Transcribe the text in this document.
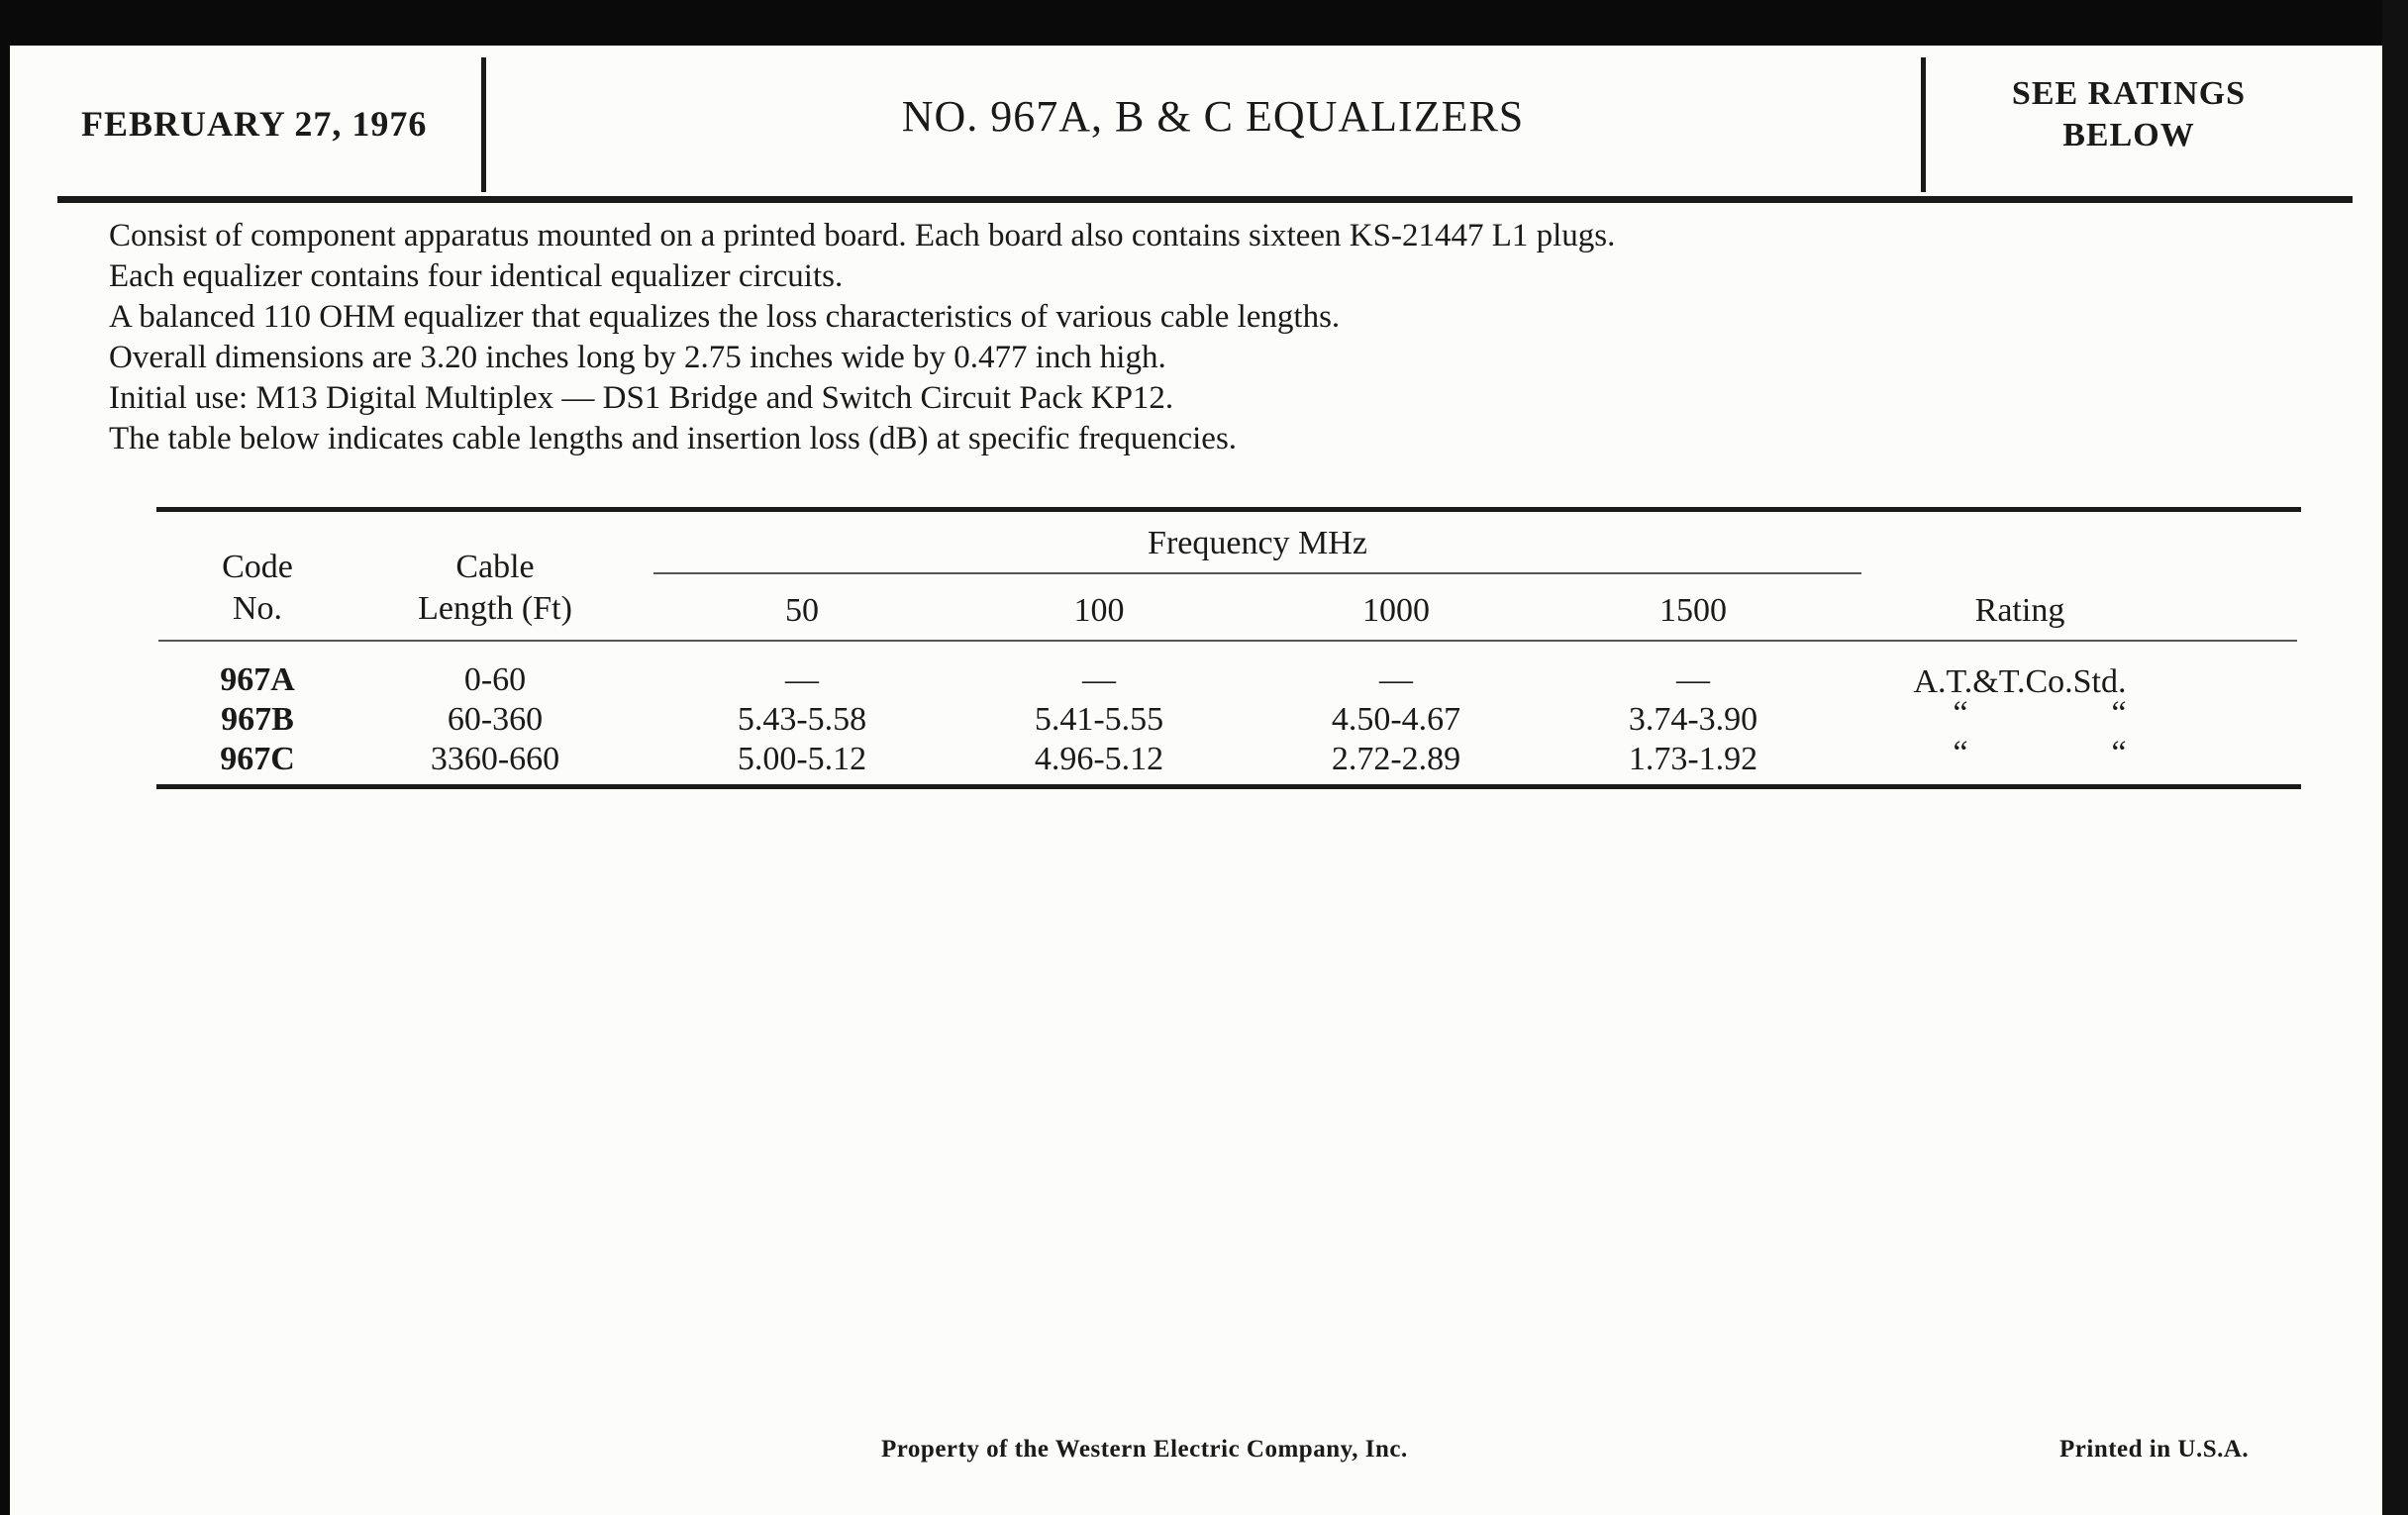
FEBRUARY 27, 1976	NO. 967A, B & C EQUALIZERS	SEE RATINGS
BELOW
Consist of component apparatus mounted on a printed board. Each board also contains sixteen KS-21447 L1 plugs.
Each equalizer contains four identical equalizer circuits.
A balanced 110 OHM equalizer that equalizes the loss characteristics of various cable lengths.
Overall dimensions are 3.20 inches long by 2.75 inches wide by 0.477 inch high.
Initial use: M13 Digital Multiplex — DS1 Bridge and Switch Circuit Pack KP12.
The table below indicates cable lengths and insertion loss (dB) at specific frequencies.
Frequency MHz
Code
No.
Cable
Length (Ft)	50	100	1000	1500	Rating
967A	0-60	—	—	—	—	A.T.&T.Co.Std.
967B	60-360	5.43-5.58	5.41-5.55	4.50-4.67	3.74-3.90	“	“
967C	3360-660	5.00-5.12	4.96-5.12	2.72-2.89	1.73-1.92	“	“
Property of the Western Electric Company, Inc.	Printed in U.S.A.
